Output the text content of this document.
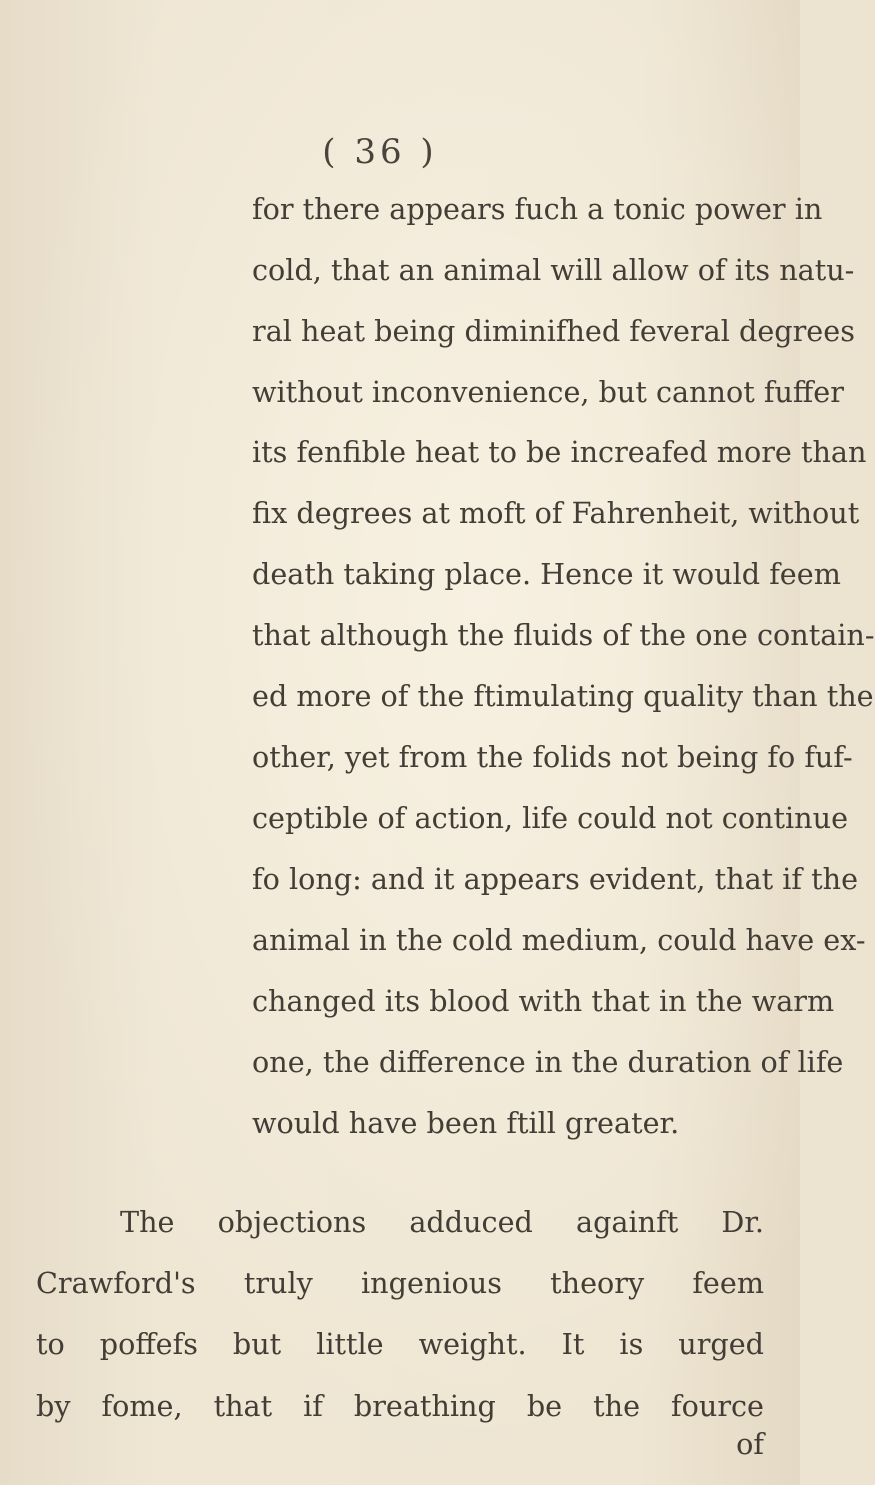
( 36 )
for there appears fuch a tonic power in
cold, that an animal will allow of its natu-
ral heat being diminifhed feveral degrees
without inconvenience, but cannot fuffer
its fenfible heat to be increafed more than
fix degrees at moft of Fahrenheit, without
death taking place. Hence it would feem
that although the fluids of the one contain-
ed more of the ftimulating quality than the
other, yet from the folids not being fo fuf-
ceptible of action, life could not continue
fo long: and it appears evident, that if the
animal in the cold medium, could have ex-
changed its blood with that in the warm
one, the difference in the duration of life
would have been ftill greater.
The objections adduced againft Dr.
Crawford's truly ingenious theory feem
to poffefs but little weight. It is urged
by fome, that if breathing be the fource
of
